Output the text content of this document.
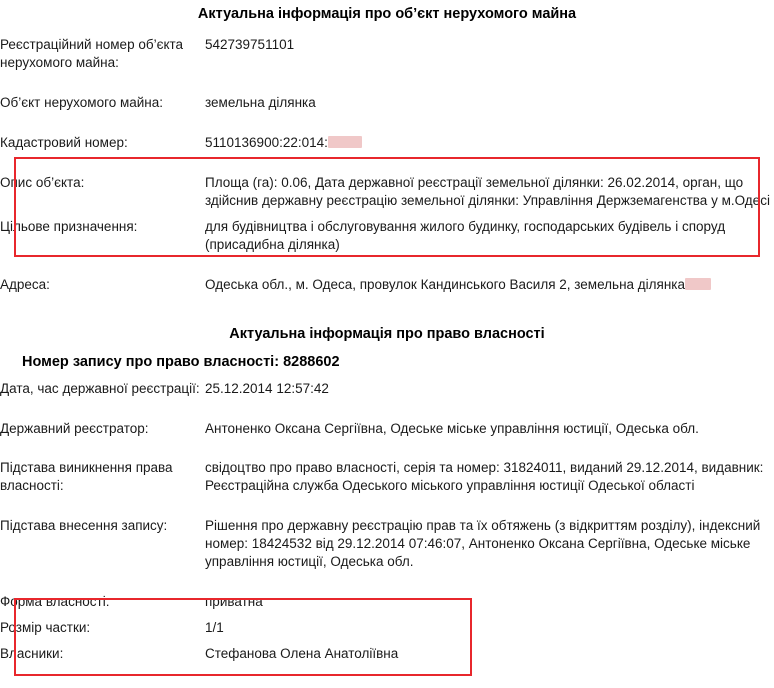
Актуальна інформація про об’єкт нерухомого майна
Реєстраційний номер об’єкта нерухомого майна:	542739751101

Об’єкт нерухомого майна:	земельна ділянка

Кадастровий номер:	5110136900:22:014:

Опис об’єкта:	Площа (га): 0.06, Дата державної реєстрації земельної ділянки: 26.02.2014, орган, що здійснив державну реєстрацію земельної ділянки: Управління Держземагенства у м.Одесі
Цільове призначення:	для будівництва і обслуговування жилого будинку, господарських будівель і споруд (присадибна ділянка)

Адреса:	Одеська обл., м. Одеса, провулок Кандинського Василя 2, земельна ділянка
Актуальна інформація про право власності
Номер запису про право власності: 8288602
Дата, час державної реєстрації:	25.12.2014 12:57:42

Державний реєстратор:	Антоненко Оксана Сергіївна, Одеське міське управління юстиції, Одеська обл.

Підстава виникнення права власності:	свідоцтво про право власності, серія та номер: 31824011, виданий 29.12.2014, видавник: Реєстраційна служба Одеського міського управління юстиції Одеської області

Підстава внесення запису:	Рішення про державну реєстрацію прав та їх обтяжень (з відкриттям розділу), індексний номер: 18424532 від 29.12.2014 07:46:07, Антоненко Оксана Сергіївна, Одеське міське управління юстиції, Одеська обл.

Форма власності:	приватна
Розмір частки:	1/1
Власники:	Стефанова Олена Анатоліївна
